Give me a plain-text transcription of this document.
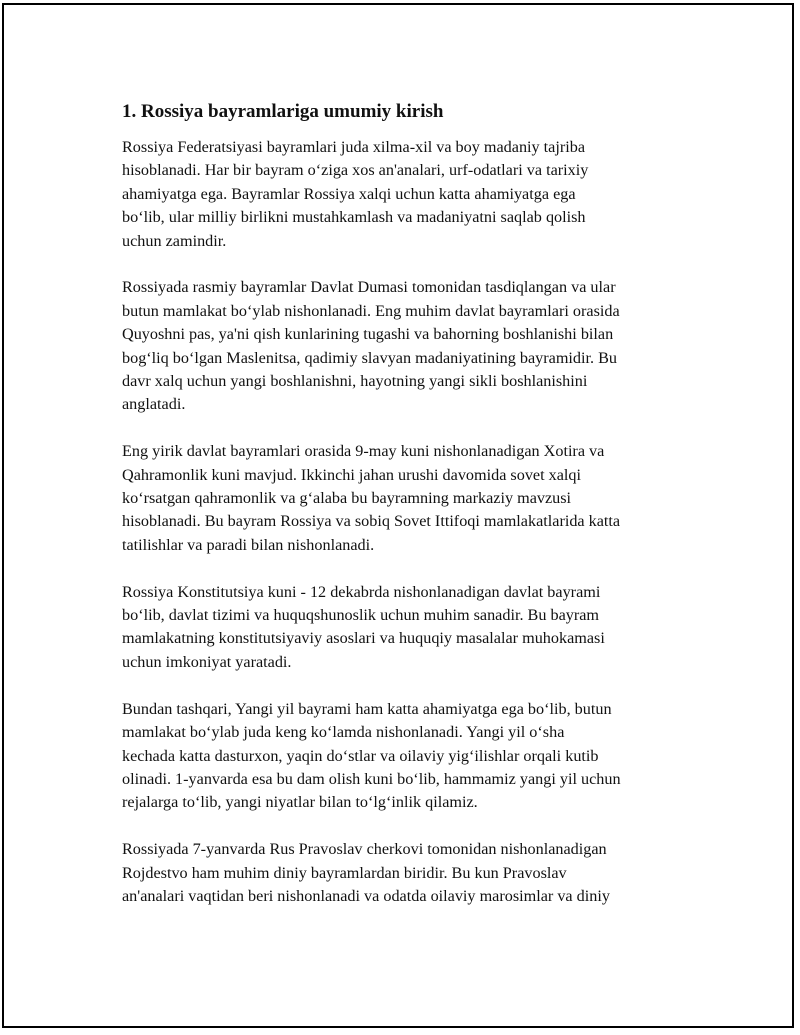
1. Rossiya bayramlariga umumiy kirish

Rossiya Federatsiyasi bayramlari juda xilma-xil va boy madaniy tajriba
hisoblanadi. Har bir bayram o‘ziga xos an'analari, urf-odatlari va tarixiy
ahamiyatga ega. Bayramlar Rossiya xalqi uchun katta ahamiyatga ega
bo‘lib, ular milliy birlikni mustahkamlash va madaniyatni saqlab qolish
uchun zamindir.

Rossiyada rasmiy bayramlar Davlat Dumasi tomonidan tasdiqlangan va ular
butun mamlakat bo‘ylab nishonlanadi. Eng muhim davlat bayramlari orasida
Quyoshni pas, ya'ni qish kunlarining tugashi va bahorning boshlanishi bilan
bog‘liq bo‘lgan Maslenitsa, qadimiy slavyan madaniyatining bayramidir. Bu
davr xalq uchun yangi boshlanishni, hayotning yangi sikli boshlanishini
anglatadi.

Eng yirik davlat bayramlari orasida 9-may kuni nishonlanadigan Xotira va
Qahramonlik kuni mavjud. Ikkinchi jahan urushi davomida sovet xalqi
ko‘rsatgan qahramonlik va g‘alaba bu bayramning markaziy mavzusi
hisoblanadi. Bu bayram Rossiya va sobiq Sovet Ittifoqi mamlakatlarida katta
tatilishlar va paradi bilan nishonlanadi.

Rossiya Konstitutsiya kuni - 12 dekabrda nishonlanadigan davlat bayrami
bo‘lib, davlat tizimi va huquqshunoslik uchun muhim sanadir. Bu bayram
mamlakatning konstitutsiyaviy asoslari va huquqiy masalalar muhokamasi
uchun imkoniyat yaratadi.

Bundan tashqari, Yangi yil bayrami ham katta ahamiyatga ega bo‘lib, butun
mamlakat bo‘ylab juda keng ko‘lamda nishonlanadi. Yangi yil o‘sha
kechada katta dasturxon, yaqin do‘stlar va oilaviy yig‘ilishlar orqali kutib
olinadi. 1-yanvarda esa bu dam olish kuni bo‘lib, hammamiz yangi yil uchun
rejalarga to‘lib, yangi niyatlar bilan to‘lg‘inlik qilamiz.

Rossiyada 7-yanvarda Rus Pravoslav cherkovi tomonidan nishonlanadigan
Rojdestvo ham muhim diniy bayramlardan biridir. Bu kun Pravoslav
an'analari vaqtidan beri nishonlanadi va odatda oilaviy marosimlar va diniy
